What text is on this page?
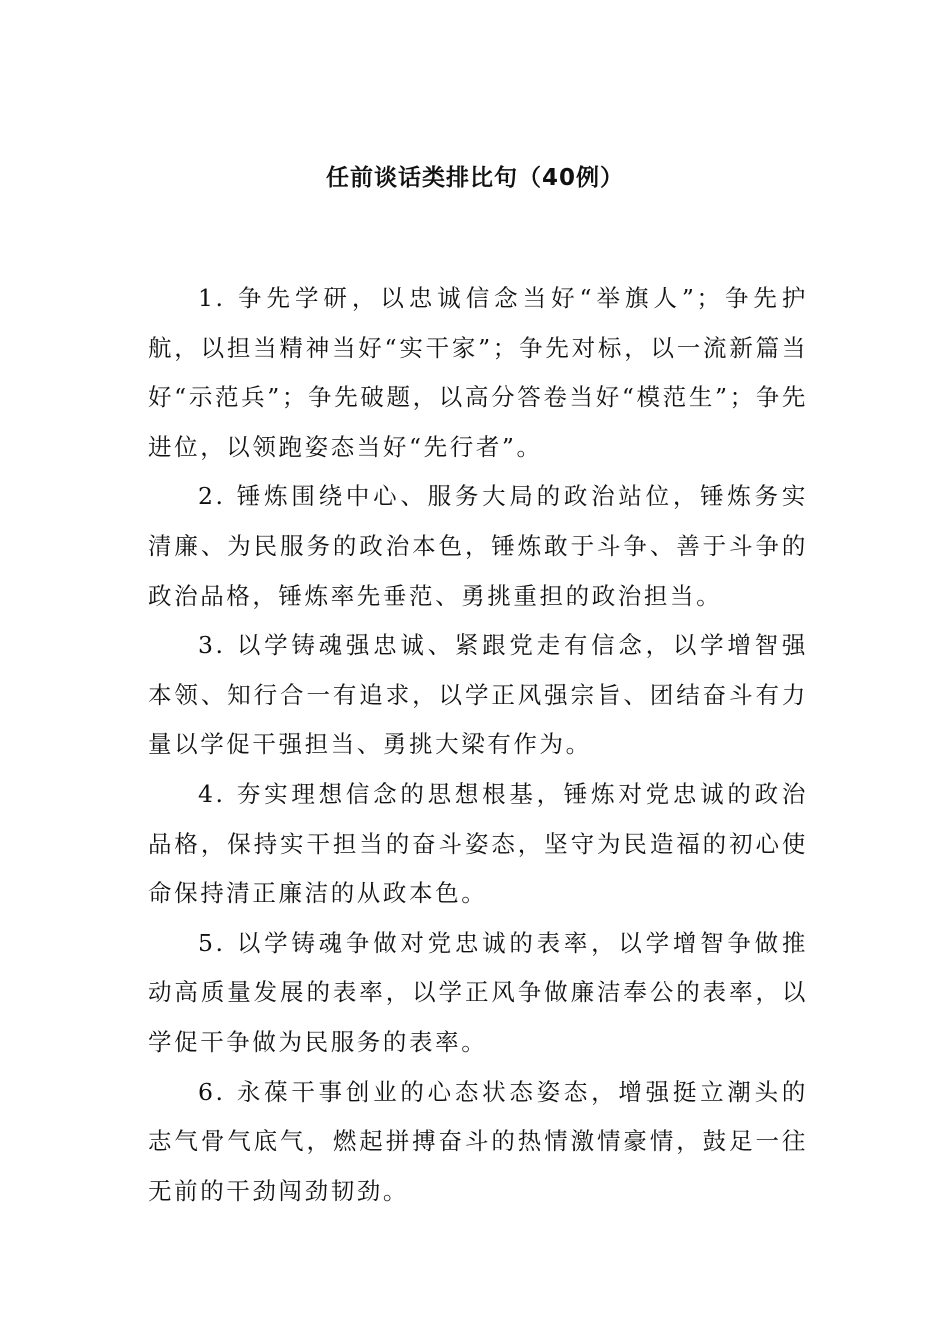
任前谈话类排比句（40例）

1. 争先学研，以忠诚信念当好“举旗人”；争先护航，以担当精神当好“实干家”；争先对标，以一流新篇当好“示范兵”；争先破题，以高分答卷当好“模范生”；争先进位，以领跑姿态当好“先行者”。

2. 锤炼围绕中心、服务大局的政治站位，锤炼务实清廉、为民服务的政治本色，锤炼敢于斗争、善于斗争的政治品格，锤炼率先垂范、勇挑重担的政治担当。

3. 以学铸魂强忠诚、紧跟党走有信念，以学增智强本领、知行合一有追求，以学正风强宗旨、团结奋斗有力量以学促干强担当、勇挑大梁有作为。

4. 夯实理想信念的思想根基，锤炼对党忠诚的政治品格，保持实干担当的奋斗姿态，坚守为民造福的初心使命保持清正廉洁的从政本色。

5. 以学铸魂争做对党忠诚的表率，以学增智争做推动高质量发展的表率，以学正风争做廉洁奉公的表率，以学促干争做为民服务的表率。

6. 永葆干事创业的心态状态姿态，增强挺立潮头的志气骨气底气，燃起拼搏奋斗的热情激情豪情，鼓足一往无前的干劲闯劲韧劲。
